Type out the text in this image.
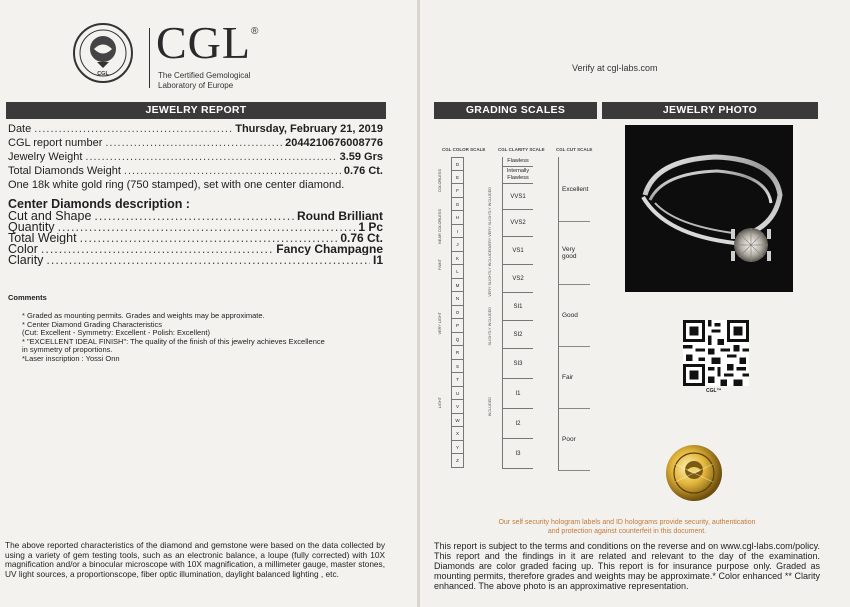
CGL
CGL ®
The Certified Gemological
Laboratory of Europe
JEWELRY REPORT
Date .....	Thursday, February 21, 2019
CGL report number .....	2044210676008776
Jewelry Weight .....	3.59 Grs
Total Diamonds Weight .....	0.76 Ct.
One 18k white gold ring (750 stamped), set with one center diamond.
Center Diamonds description :
Cut and Shape .....	Round Brilliant
Quantity .....	1 Pc
Total Weight .....	0.76 Ct.
Color .....	Fancy Champagne
Clarity .....	I1
Comments
* Graded as mounting permits. Grades and weights may be approximate.
* Center Diamond Grading Characteristics
(Cut: Excellent - Symmetry: Excellent - Polish: Excellent)
* "EXCELLENT IDEAL FINISH": The quality of the finish of this jewelry achieves Excellence
in symmetry of proportions.
*Laser inscription : Yossi Onn
The above reported characteristics of the diamond and gemstone were based on the data collected by using a variety of gem testing tools, such as an electronic balance, a loupe (fully corrected) with 10X magnification and/or a binocular microscope with 10X magnification, a millimeter gauge, master stones, UV light sources, a proportionscope, fiber optic illumination, daylight balanced lighting , etc.
Verify at cgl-labs.com
GRADING SCALES	JEWELRY PHOTO
CGL COLOR SCALE	CGL CLARITY SCALE	CGL CUT SCALE
D
E
F
G
H
I
J
K
L
M
N
O
P
Q
R
S
T
U
V
W
X
Y
Z
COLORLESS
NEAR COLORLESS
FAINT
VERY LIGHT
LIGHT
Flawless
Internally Flawless
VVS1
VVS2
VS1
VS2
SI1
SI2
SI3
I1
I2
I3
VERY VERY SLIGHTLY INCLUDED
VERY SLIGHTLY INCLUDED
SLIGHTLY INCLUDED
INCLUDED
Excellent
Very good
Good
Fair
Poor
CGL™
Our self security hologram labels and ID holograms provide security, authentication and protection against counterfeit in this document.
This report is subject to the terms and conditions on the reverse and on www.cgl-labs.com/policy. This report and the findings in it are related and relevant to the day of the examination. Diamonds are color graded facing up. This report is for insurance purpose only. Graded as mounting permits, therefore grades and weights may be approximate.* Color enhanced ** Clarity enhanced. The above photo is an approximative representation.
